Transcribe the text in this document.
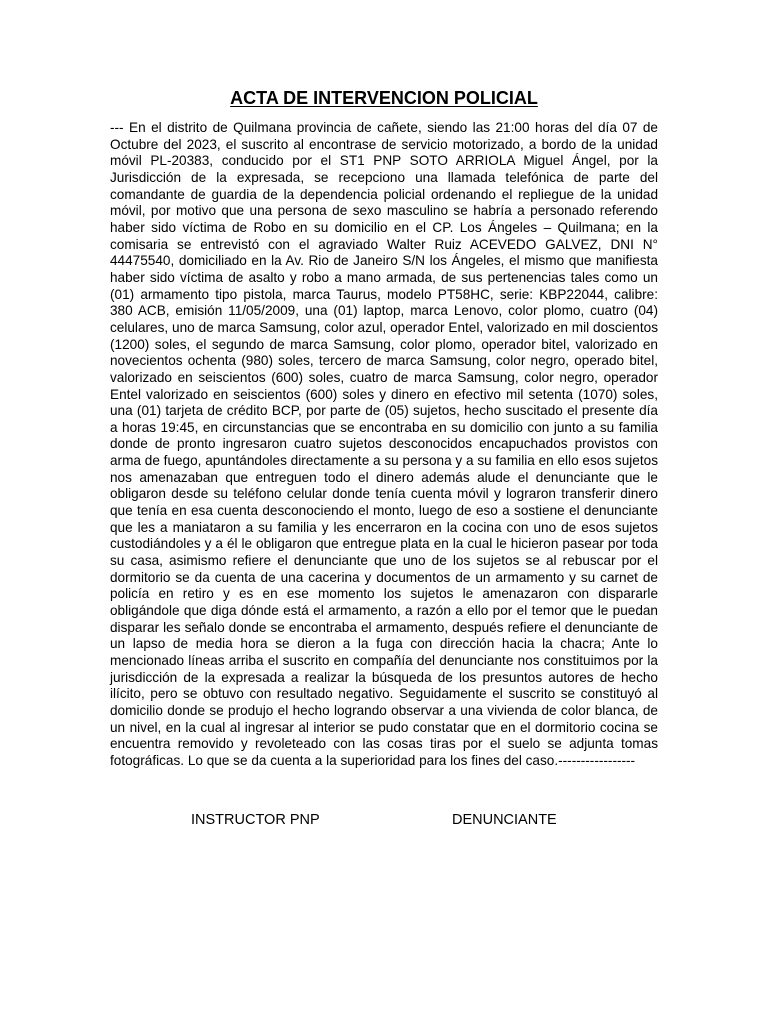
ACTA DE INTERVENCION POLICIAL

--- En el distrito de Quilmana provincia de cañete, siendo las 21:00 horas del día 07 de Octubre del 2023, el suscrito al encontrase de servicio motorizado, a bordo de la unidad móvil PL-20383, conducido por el ST1 PNP SOTO ARRIOLA Miguel Ángel, por la Jurisdicción de la expresada, se recepciono una llamada telefónica de parte del comandante de guardia de la dependencia policial ordenando el repliegue de la unidad móvil, por motivo que una persona de sexo masculino se habría a personado referendo haber sido víctima de Robo en su domicilio en el CP. Los Ángeles – Quilmana; en la comisaria se entrevistó con el agraviado Walter Ruiz ACEVEDO GALVEZ, DNI N° 44475540, domiciliado en la Av. Rio de Janeiro S/N los Ángeles, el mismo que manifiesta haber sido víctima de asalto y robo a mano armada, de sus pertenencias tales como un (01) armamento tipo pistola, marca Taurus, modelo PT58HC, serie: KBP22044, calibre: 380 ACB, emisión 11/05/2009, una (01) laptop, marca Lenovo, color plomo, cuatro (04) celulares, uno de marca Samsung, color azul, operador Entel, valorizado en mil doscientos (1200) soles, el segundo de marca Samsung, color plomo, operador bitel, valorizado en novecientos ochenta (980) soles, tercero de marca Samsung, color negro, operado bitel, valorizado en seiscientos (600) soles, cuatro de marca Samsung, color negro, operador Entel valorizado en seiscientos (600) soles y dinero en efectivo mil setenta (1070) soles, una (01) tarjeta de crédito BCP, por parte de (05) sujetos, hecho suscitado el presente día a horas 19:45, en circunstancias que se encontraba en su domicilio con junto a su familia donde de pronto ingresaron cuatro sujetos desconocidos encapuchados provistos con arma de fuego, apuntándoles directamente a su persona y a su familia en ello esos sujetos nos amenazaban que entreguen todo el dinero además alude el denunciante que le obligaron desde su teléfono celular donde tenía cuenta móvil y lograron transferir dinero que tenía en esa cuenta desconociendo el monto, luego de eso a sostiene el denunciante que les a maniataron a su familia y les encerraron en la cocina con uno de esos sujetos custodiándoles y a él le obligaron que entregue plata en la cual le hicieron pasear por toda su casa, asimismo refiere el denunciante que uno de los sujetos se al rebuscar por el dormitorio se da cuenta de una cacerina y documentos de un armamento y su carnet de policía en retiro y es en ese momento los sujetos le amenazaron con dispararle obligándole que diga dónde está el armamento, a razón a ello por el temor que le puedan disparar les señalo donde se encontraba el armamento, después refiere el denunciante de un lapso de media hora se dieron a la fuga con dirección hacia la chacra; Ante lo mencionado líneas arriba el suscrito en compañía del denunciante nos constituimos por la jurisdicción de la expresada a realizar la búsqueda de los presuntos autores de hecho ilícito, pero se obtuvo con resultado negativo. Seguidamente el suscrito se constituyó al domicilio donde se produjo el hecho logrando observar a una vivienda de color blanca, de un nivel, en la cual al ingresar al interior se pudo constatar que en el dormitorio cocina se encuentra removido y revoleteado con las cosas tiras por el suelo se adjunta tomas fotográficas. Lo que se da cuenta a la superioridad para los fines del caso.-----------------

INSTRUCTOR PNP	DENUNCIANTE
